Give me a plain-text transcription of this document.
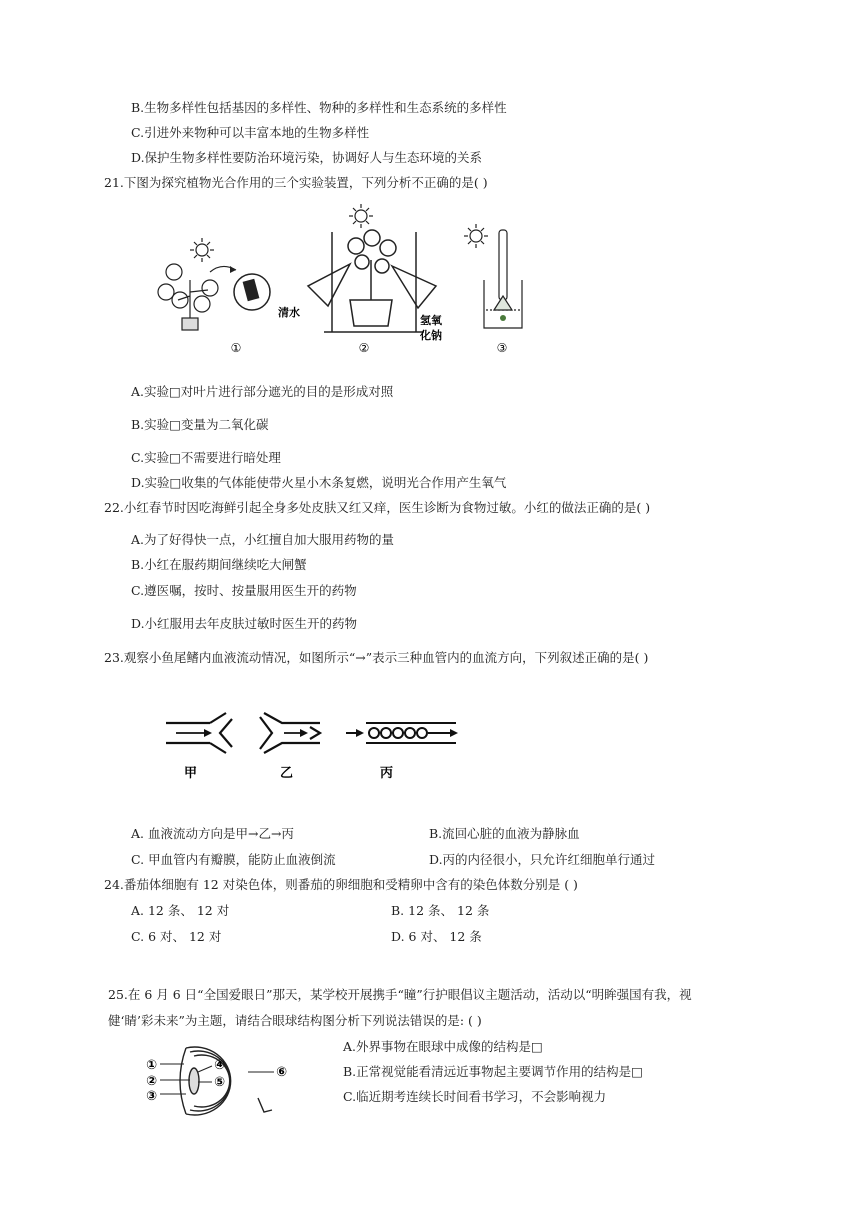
B.生物多样性包括基因的多样性、物种的多样性和生态系统的多样性
C.引进外来物种可以丰富本地的生物多样性
D.保护生物多样性要防治环境污染，协调好人与生态环境的关系
21.下图为探究植物光合作用的三个实验装置，下列分析不正确的是( )
①
清水
氢氧
化钠
②	③
A.实验□对叶片进行部分遮光的目的是形成对照
B.实验□变量为二氧化碳
C.实验□不需要进行暗处理
D.实验□收集的气体能使带火星小木条复燃，说明光合作用产生氧气
22.小红春节时因吃海鲜引起全身多处皮肤又红又痒，医生诊断为食物过敏。小红的做法正确的是( )
A.为了好得快一点，小红擅自加大服用药物的量
B.小红在服药期间继续吃大闸蟹
C.遵医嘱，按时、按量服用医生开的药物
D.小红服用去年皮肤过敏时医生开的药物
23.观察小鱼尾鳍内血液流动情况，如图所示“→”表示三种血管内的血流方向，下列叙述正确的是( )
甲	乙	丙
A. 血液流动方向是甲→乙→丙	B.流回心脏的血液为静脉血
C. 甲血管内有瓣膜，能防止血液倒流	D.丙的内径很小，只允许红细胞单行通过
24.番茄体细胞有 12 对染色体，则番茄的卵细胞和受精卵中含有的染色体数分别是 ( )
A. 12 条、 12 对	B. 12 条、 12 条
C. 6 对、 12 对	D. 6 对、 12 条
25.在 6 月 6 日“全国爱眼日”那天，某学校开展携手“瞳”行护眼倡议主题活动，活动以“明眸强国有我，视
健‘睛’彩未来”为主题，请结合眼球结构图分析下列说法错误的是: ( )
①
②
③
④
⑤
⑥
A.外界事物在眼球中成像的结构是□
B.正常视觉能看清远近事物起主要调节作用的结构是□
C.临近期考连续长时间看书学习，不会影响视力
